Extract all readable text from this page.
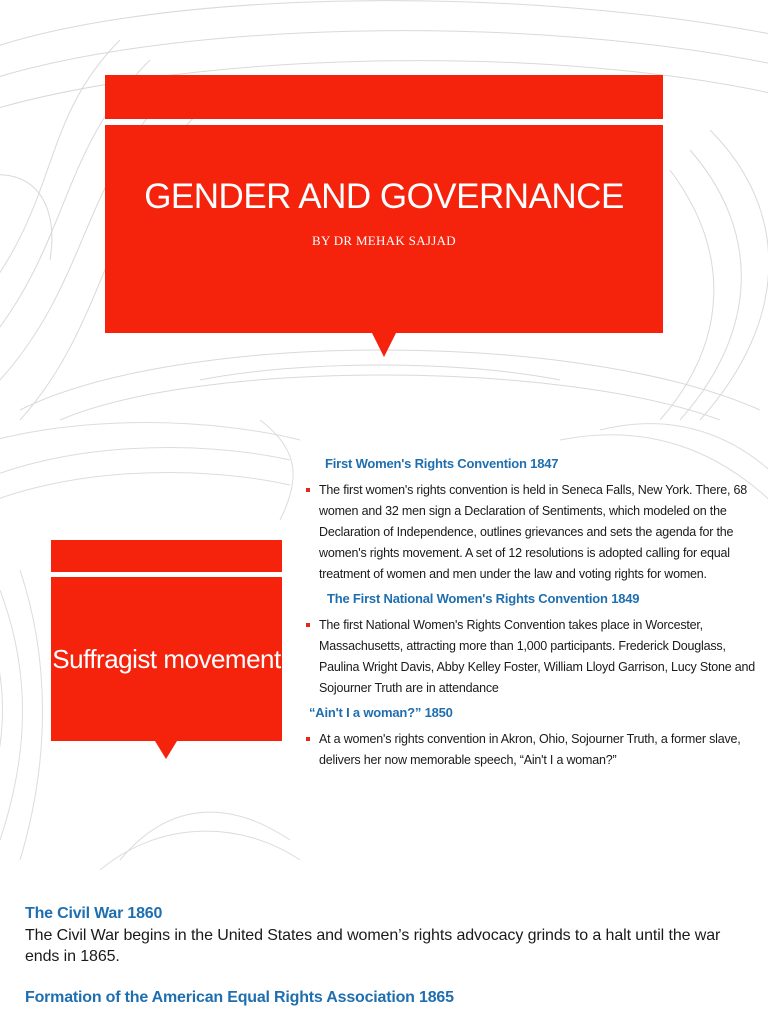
GENDER AND GOVERNANCE
BY DR MEHAK SAJJAD
Suffragist movement
First Women's Rights Convention 1847
The first women's rights convention is held in Seneca Falls, New York. There, 68 women and 32 men sign a Declaration of Sentiments, which modeled on the Declaration of Independence, outlines grievances and sets the agenda for the women's rights movement. A set of 12 resolutions is adopted calling for equal treatment of women and men under the law and voting rights for women.
The First National Women's Rights Convention 1849
The first National Women's Rights Convention takes place in Worcester, Massachusetts, attracting more than 1,000 participants. Frederick Douglass, Paulina Wright Davis, Abby Kelley Foster, William Lloyd Garrison, Lucy Stone and Sojourner Truth are in attendance
“Ain't I a woman?” 1850
At a women's rights convention in Akron, Ohio, Sojourner Truth, a former slave, delivers her now memorable speech, “Ain't I a woman?”
The Civil War 1860
The Civil War begins in the United States and women’s rights advocacy grinds to a halt until the war ends in 1865.
Formation of the American Equal Rights Association 1865
